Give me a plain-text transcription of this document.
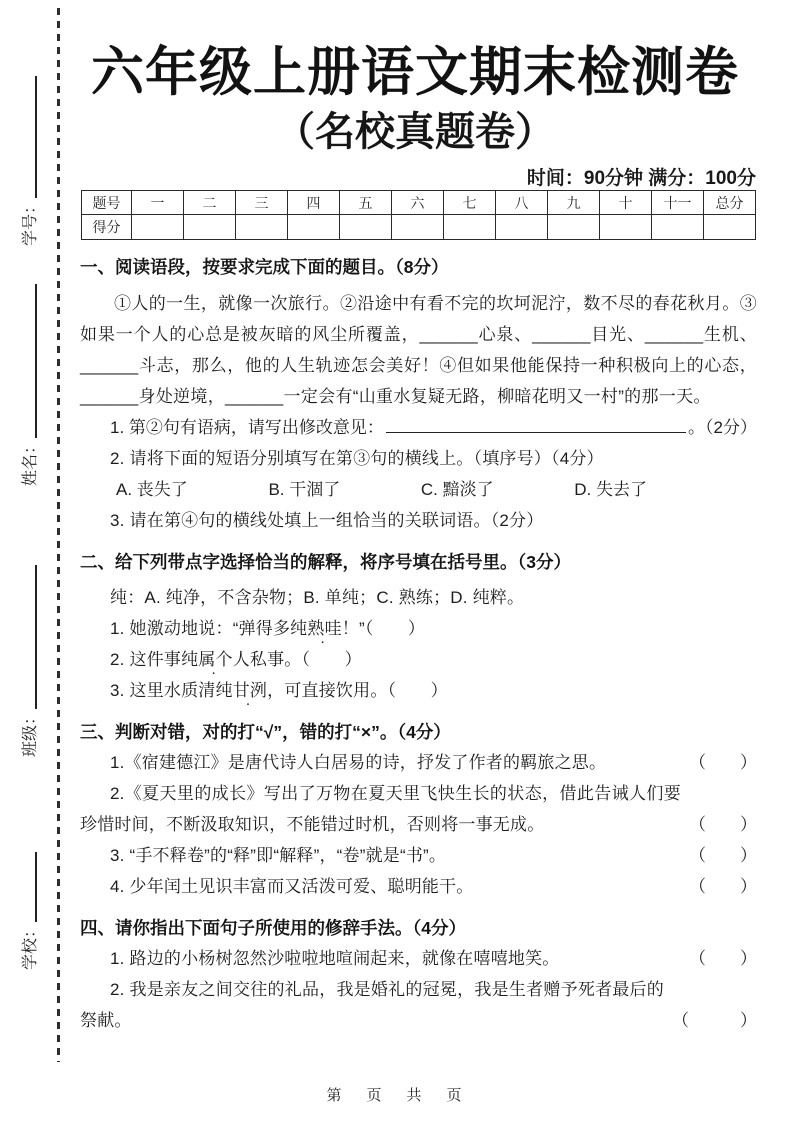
学号：
姓名：
班级：
学校：
六年级上册语文期末检测卷
（名校真题卷）
时间：90分钟 满分：100分
题号	一	二	三	四	五	六	七	八	九	十	十一	总分
得分												
一、阅读语段，按要求完成下面的题目。（8分）
①人的一生，就像一次旅行。②沿途中有看不完的坎坷泥泞，数不尽的春花秋月。③如果一个人的心总是被灰暗的风尘所覆盖，______心泉、______目光、______生机、______斗志，那么，他的人生轨迹怎会美好！④但如果他能保持一种积极向上的心态，______身处逆境，______一定会有“山重水复疑无路，柳暗花明又一村”的那一天。
1. 第②句有语病，请写出修改意见：	。（2分）
2. 请将下面的短语分别填写在第③句的横线上。（填序号）（4分）
A. 丧失了	B. 干涸了	C. 黯淡了	D. 失去了
3. 请在第④句的横线处填上一组恰当的关联词语。（2分）
二、给下列带点字选择恰当的解释，将序号填在括号里。（3分）
纯：A. 纯净，不含杂物；B. 单纯；C. 熟练；D. 纯粹。
1. 她激动地说：“弹得多纯熟哇！”（　　）
2. 这件事纯属个人私事。（　　）
3. 这里水质清纯甘洌，可直接饮用。（　　）
三、判断对错，对的打“√”，错的打“×”。（4分）
1.《宿建德江》是唐代诗人白居易的诗，抒发了作者的羁旅之思。	（　　）
2.《夏天里的成长》写出了万物在夏天里飞快生长的状态，借此告诫人们要珍惜时间，不断汲取知识，不能错过时机，否则将一事无成。	（　　）
3. “手不释卷”的“释”即“解释”，“卷”就是“书”。	（　　）
4. 少年闰土见识丰富而又活泼可爱、聪明能干。	（　　）
四、请你指出下面句子所使用的修辞手法。（4分）
1. 路边的小杨树忽然沙啦啦地喧闹起来，就像在嘻嘻地笑。	（　　）
2. 我是亲友之间交往的礼品，我是婚礼的冠冕，我是生者赠予死者最后的祭献。	（　　　）
第　页　共　页
